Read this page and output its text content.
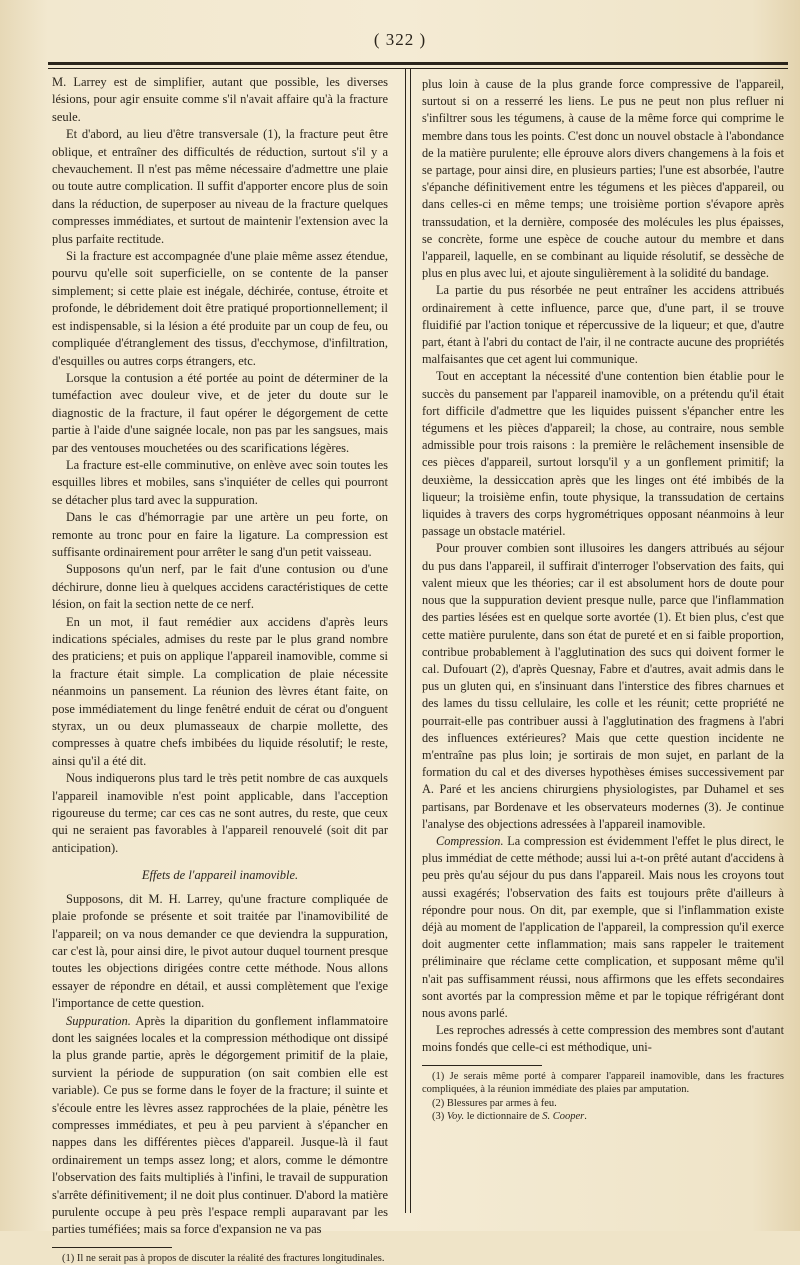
( 322 )

M. Larrey est de simplifier, autant que possible, les diverses lésions, pour agir ensuite comme s'il n'avait affaire qu'à la fracture seule.

Et d'abord, au lieu d'être transversale (1), la fracture peut être oblique, et entraîner des difficultés de réduction, surtout s'il y a chevauchement. Il n'est pas même nécessaire d'admettre une plaie ou toute autre complication. Il suffit d'apporter encore plus de soin dans la réduction, de superposer au niveau de la fracture quelques compresses immédiates, et surtout de maintenir l'extension avec la plus parfaite rectitude.

Si la fracture est accompagnée d'une plaie même assez étendue, pourvu qu'elle soit superficielle, on se contente de la panser simplement; si cette plaie est inégale, déchirée, contuse, étroite et profonde, le débridement doit être pratiqué proportionnellement; il est indispensable, si la lésion a été produite par un coup de feu, ou compliquée d'étranglement des tissus, d'ecchymose, d'infiltration, d'esquilles ou autres corps étrangers, etc.

Lorsque la contusion a été portée au point de déterminer de la tuméfaction avec douleur vive, et de jeter du doute sur le diagnostic de la fracture, il faut opérer le dégorgement de cette partie à l'aide d'une saignée locale, non pas par les sangsues, mais par des ventouses mouchetées ou des scarifications légères.

La fracture est-elle comminutive, on enlève avec soin toutes les esquilles libres et mobiles, sans s'inquiéter de celles qui pourront se détacher plus tard avec la suppuration.

Dans le cas d'hémorragie par une artère un peu forte, on remonte au tronc pour en faire la ligature. La compression est suffisante ordinairement pour arrêter le sang d'un petit vaisseau.

Supposons qu'un nerf, par le fait d'une contusion ou d'une déchirure, donne lieu à quelques accidens caractéristiques de cette lésion, on fait la section nette de ce nerf.

En un mot, il faut remédier aux accidens d'après leurs indications spéciales, admises du reste par le plus grand nombre des praticiens; et puis on applique l'appareil inamovible, comme si la fracture était simple. La complication de plaie nécessite néanmoins un pansement. La réunion des lèvres étant faite, on pose immédiatement du linge fenêtré enduit de cérat ou d'onguent styrax, un ou deux plumasseaux de charpie mollette, des compresses à quatre chefs imbibées du liquide résolutif; le reste, ainsi qu'il a été dit.

Nous indiquerons plus tard le très petit nombre de cas auxquels l'appareil inamovible n'est point applicable, dans l'acception rigoureuse du terme; car ces cas ne sont autres, du reste, que ceux qui ne seraient pas favorables à l'appareil renouvelé (soit dit par anticipation).

Effets de l'appareil inamovible.

Supposons, dit M. H. Larrey, qu'une fracture compliquée de plaie profonde se présente et soit traitée par l'inamovibilité de l'appareil; on va nous demander ce que deviendra la suppuration, car c'est là, pour ainsi dire, le pivot autour duquel tournent presque toutes les objections dirigées contre cette méthode. Nous allons essayer de répondre en détail, et aussi complètement que l'exige l'importance de cette question.

Suppuration. Après la diparition du gonflement inflammatoire dont les saignées locales et la compression méthodique ont dissipé la plus grande partie, après le dégorgement primitif de la plaie, survient la période de suppuration (on sait combien elle est variable). Ce pus se forme dans le foyer de la fracture; il suinte et s'écoule entre les lèvres assez rapprochées de la plaie, pénètre les compresses immédiates, et peu à peu parvient à s'épancher en nappes dans les différentes pièces d'appareil. Jusque-là il faut ordinairement un temps assez long; et alors, comme le démontre l'observation des faits multipliés à l'infini, le travail de suppuration s'arrête définitivement; il ne doit plus continuer. D'abord la matière purulente occupe à peu près l'espace rempli auparavant par les parties tuméfiées; mais sa force d'expansion ne va pas

(1) Il ne serait pas à propos de discuter la réalité des fractures longitudinales.

plus loin à cause de la plus grande force compressive de l'appareil, surtout si on a resserré les liens. Le pus ne peut non plus refluer ni s'infiltrer sous les tégumens, à cause de la même force qui comprime le membre dans tous les points. C'est donc un nouvel obstacle à l'abondance de la matière purulente; elle éprouve alors divers changemens à la fois et se partage, pour ainsi dire, en plusieurs parties; l'une est absorbée, l'autre s'épanche définitivement entre les tégumens et les pièces d'appareil, ou dans celles-ci en même temps; une troisième portion s'évapore après transsudation, et la dernière, composée des molécules les plus épaisses, se concrète, forme une espèce de couche autour du membre et dans l'appareil, laquelle, en se combinant au liquide résolutif, se dessèche de plus en plus avec lui, et ajoute singulièrement à la solidité du bandage.

La partie du pus résorbée ne peut entraîner les accidens attribués ordinairement à cette influence, parce que, d'une part, il se trouve fluidifié par l'action tonique et répercussive de la liqueur; et que, d'autre part, étant à l'abri du contact de l'air, il ne contracte aucune des propriétés malfaisantes que cet agent lui communique.

Tout en acceptant la nécessité d'une contention bien établie pour le succès du pansement par l'appareil inamovible, on a prétendu qu'il était fort difficile d'admettre que les liquides puissent s'épancher entre les tégumens et les pièces d'appareil; la chose, au contraire, nous semble admissible pour trois raisons : la première le relâchement insensible de ces pièces d'appareil, surtout lorsqu'il y a un gonflement primitif; la deuxième, la dessiccation après que les linges ont été imbibés de la liqueur; la troisième enfin, toute physique, la transsudation de certains liquides à travers des corps hygrométriques opposant néanmoins à leur passage un obstacle matériel.

Pour prouver combien sont illusoires les dangers attribués au séjour du pus dans l'appareil, il suffirait d'interroger l'observation des faits, qui valent mieux que les théories; car il est absolument hors de doute pour nous que la suppuration devient presque nulle, parce que l'inflammation des parties lésées est en quelque sorte avortée (1). Et bien plus, c'est que cette matière purulente, dans son état de pureté et en si faible proportion, contribue probablement à l'agglutination des sucs qui doivent former le cal. Dufouart (2), d'après Quesnay, Fabre et d'autres, avait admis dans le pus un gluten qui, en s'insinuant dans l'interstice des fibres charnues et des lames du tissu cellulaire, les colle et les réunit; cette propriété ne pourrait-elle pas contribuer aussi à l'agglutination des fragmens à l'abri des influences extérieures? Mais que cette question incidente ne m'entraîne pas plus loin; je sortirais de mon sujet, en parlant de la formation du cal et des diverses hypothèses émises successivement par A. Paré et les anciens chirurgiens physiologistes, par Duhamel et ses partisans, par Bordenave et les observateurs modernes (3). Je continue l'analyse des objections adressées à l'appareil inamovible.

Compression. La compression est évidemment l'effet le plus direct, le plus immédiat de cette méthode; aussi lui a-t-on prêté autant d'accidens à peu près qu'au séjour du pus dans l'appareil. Mais nous les croyons tout aussi exagérés; l'observation des faits est toujours prête d'ailleurs à répondre pour nous. On dit, par exemple, que si l'inflammation existe déjà au moment de l'application de l'appareil, la compression qu'il exerce doit augmenter cette inflammation; mais sans rappeler le traitement préliminaire que réclame cette complication, et supposant même qu'il n'ait pas suffisamment réussi, nous affirmons que les effets secondaires sont avortés par la compression même et par le topique réfrigérant dont nous avons parlé.

Les reproches adressés à cette compression des membres sont d'autant moins fondés que celle-ci est méthodique, uni-

(1) Je serais même porté à comparer l'appareil inamovible, dans les fractures compliquées, à la réunion immédiate des plaies par amputation.

(2) Blessures par armes à feu.

(3) Voy. le dictionnaire de S. Cooper.
